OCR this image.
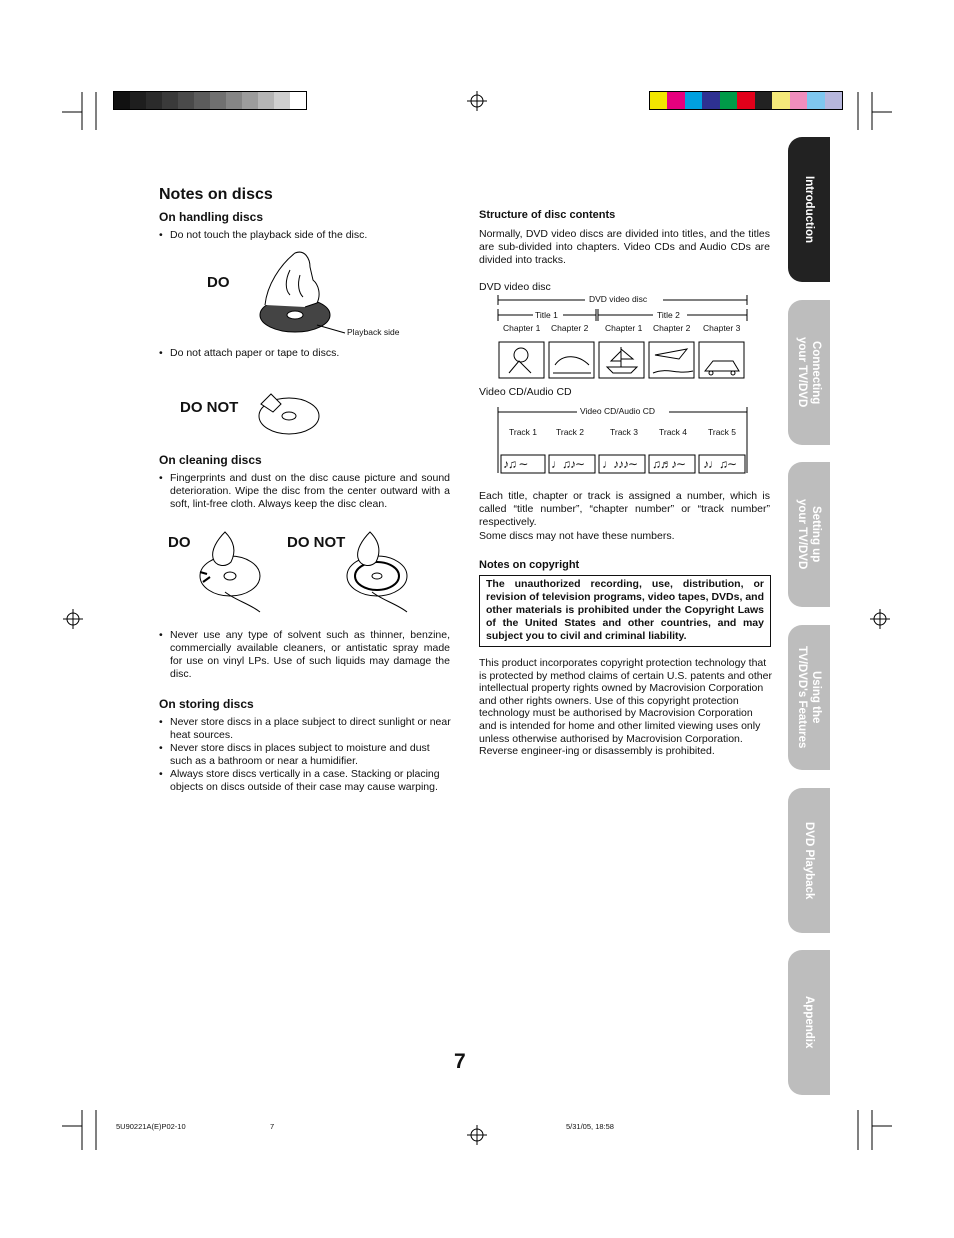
Notes on discs
On handling discs
• Do not touch the playback side of the disc.
DO
Playback side
• Do not attach paper or tape to discs.
DO NOT
On cleaning discs
• Fingerprints and dust on the disc cause picture and sound deterioration. Wipe the disc from the center outward with a soft, lint-free cloth. Always keep the disc clean.
DO	DO NOT
• Never use any type of solvent such as thinner, benzine, commercially available cleaners, or antistatic spray made for use on vinyl LPs. Use of such liquids may damage the disc.
On storing discs
• Never store discs in a place subject to direct sunlight or near heat sources.
• Never store discs in places subject to moisture and dust such as a bathroom or near a humidifier.
• Always store discs vertically in a case. Stacking or placing objects on discs outside of their case may cause warping.
Structure of disc contents
Normally, DVD video discs are divided into titles, and the titles are sub-divided into chapters. Video CDs and Audio CDs are divided into tracks.
DVD video disc
DVD video disc
Title 1	Title 2
Chapter 1 Chapter 2 Chapter 1 Chapter 2 Chapter 3
Video CD/Audio CD
Video CD/Audio CD
Track 1 Track 2	Track 3 Track 4 Track 5
♪♫ ∼ ♩♫♪∼ ♩♪♪♪∼ ♫♬♪∼ ♪♩♫∼
Each title, chapter or track is assigned a number, which is called “title number”, “chapter number” or “track number” respectively.
Some discs may not have these numbers.
Notes on copyright
The unauthorized recording, use, distribution, or revision of television programs, video tapes, DVDs, and other materials is prohibited under the Copyright Laws of the United States and other countries, and may subject you to civil and criminal liability.
This product incorporates copyright protection technology that is protected by method claims of certain U.S. patents and other intellectual property rights owned by Macrovision Corporation and other rights owners. Use of this copyright protection technology must be authorised by Macrovision Corporation and is intended for home and other limited viewing uses only unless otherwise authorised by Macrovision Corporation. Reverse engineer-ing or disassembly is prohibited.
Introduction
Connecting
your TV/DVD
Setting up
your TV/DVD
Using the
TV/DVD's Features
DVD Playback
Appendix
7
5U90221A(E)P02-10	7	5/31/05, 18:58
